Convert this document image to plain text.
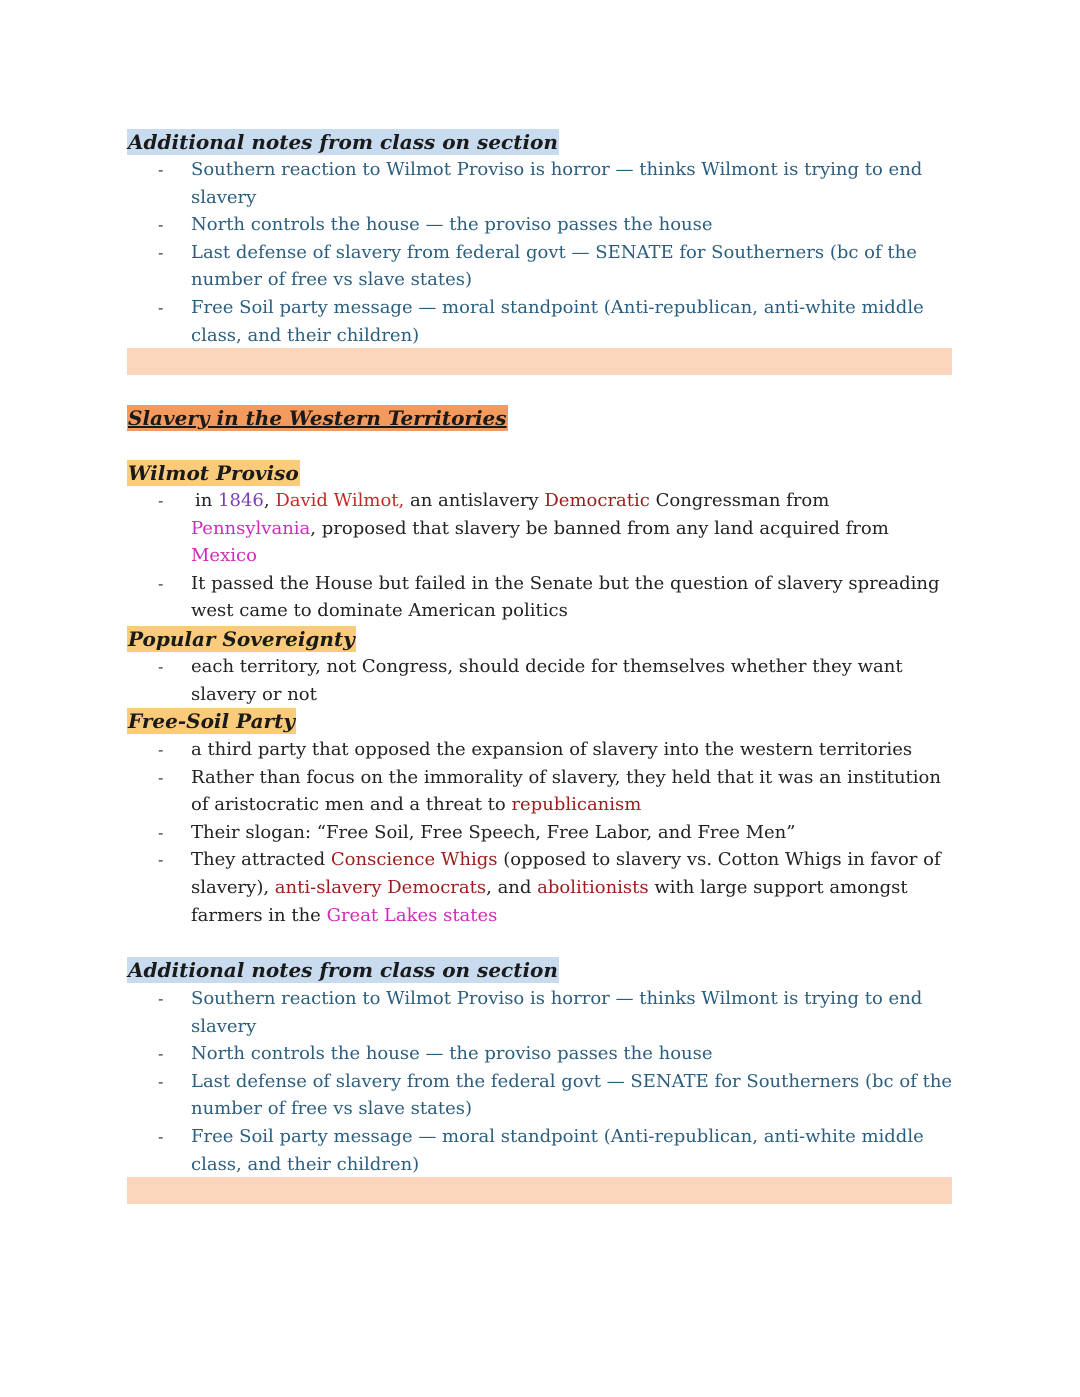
Additional notes from class on section
- Southern reaction to Wilmot Proviso is horror — thinks Wilmont is trying to end slavery
- North controls the house — the proviso passes the house
- Last defense of slavery from federal govt — SENATE for Southerners (bc of the number of free vs slave states)
- Free Soil party message — moral standpoint (Anti-republican, anti-white middle class, and their children)
Slavery in the Western Territories
Wilmot Proviso
- in 1846, David Wilmot, an antislavery Democratic Congressman from Pennsylvania, proposed that slavery be banned from any land acquired from Mexico
- It passed the House but failed in the Senate but the question of slavery spreading west came to dominate American politics
Popular Sovereignty
- each territory, not Congress, should decide for themselves whether they want slavery or not
Free-Soil Party
- a third party that opposed the expansion of slavery into the western territories
- Rather than focus on the immorality of slavery, they held that it was an institution of aristocratic men and a threat to republicanism
- Their slogan: “Free Soil, Free Speech, Free Labor, and Free Men”
- They attracted Conscience Whigs (opposed to slavery vs. Cotton Whigs in favor of slavery), anti-slavery Democrats, and abolitionists with large support amongst farmers in the Great Lakes states
Additional notes from class on section
- Southern reaction to Wilmot Proviso is horror — thinks Wilmont is trying to end slavery
- North controls the house — the proviso passes the house
- Last defense of slavery from the federal govt — SENATE for Southerners (bc of the number of free vs slave states)
- Free Soil party message — moral standpoint (Anti-republican, anti-white middle class, and their children)
